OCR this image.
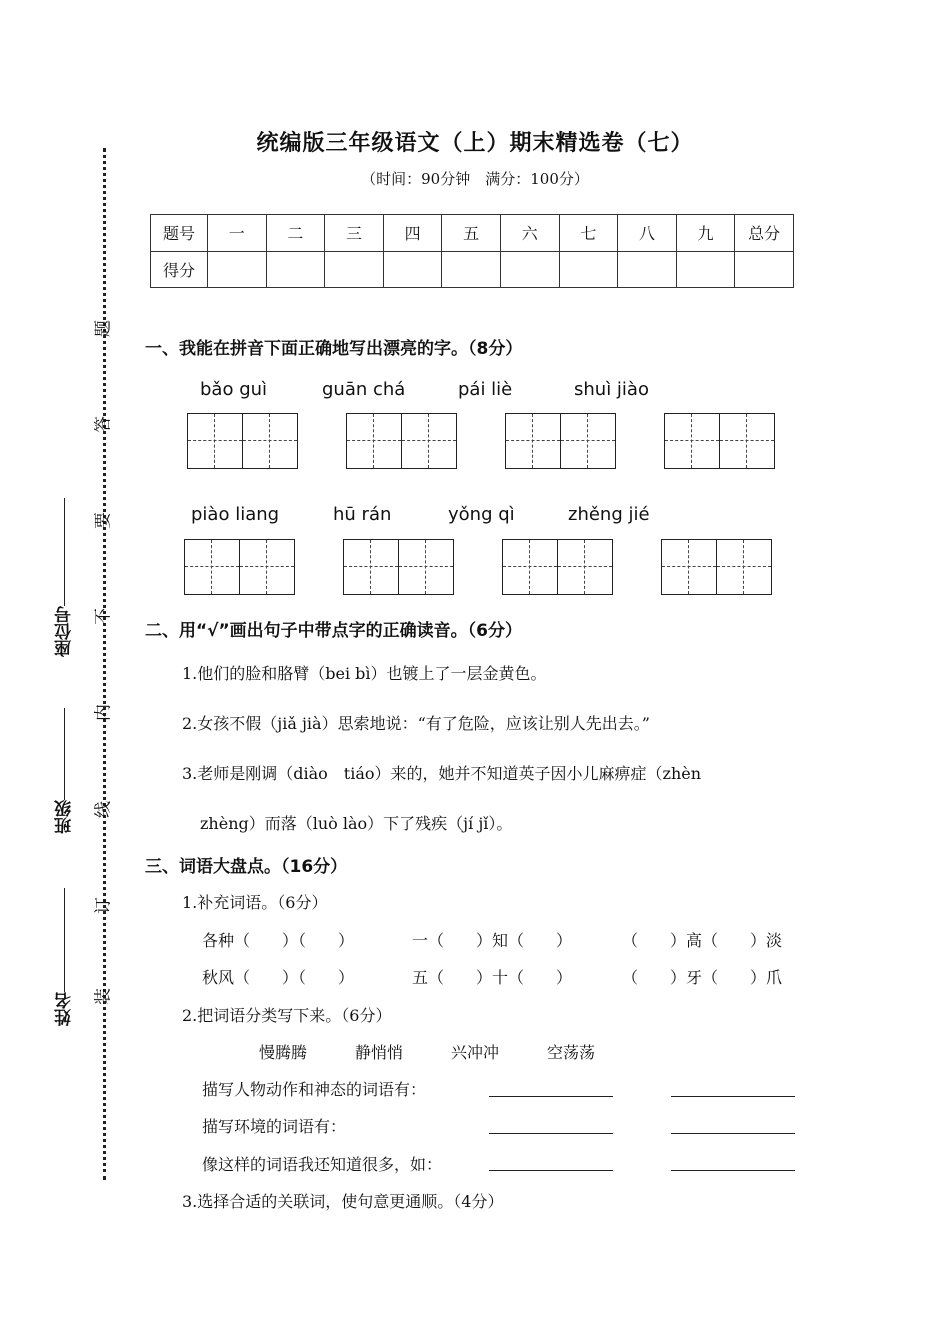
姓名
班级
座位号
装
订
线
内
不
要
答
题
统编版三年级语文（上）期末精选卷（七）
（时间：90分钟　满分：100分）
题号	一	二	三	四	五	六	七	八	九	总分
得分										
一、我能在拼音下面正确地写出漂亮的字。（8分）
bǎo guì	guān chá	pái liè	shuì jiào
piào liang	hū rán	yǒng qì	zhěng jié
二、用“√”画出句子中带点字的正确读音。（6分）
1.他们的脸和胳臂（bei bì）也镀上了一层金黄色。
2.女孩不假（jiǎ jià）思索地说：“有了危险，应该让别人先出去。”
3.老师是刚调（diào　tiáo）来的，她并不知道英子因小儿麻痹症（zhèn
zhèng）而落（luò lào）下了残疾（jí jǐ）。
三、词语大盘点。（16分）
1.补充词语。（6分）
各种（　　）（　　）	一（　　）知（　　）	（　　）高（　　）淡
秋风（　　）（　　）	五（　　）十（　　）	（　　）牙（　　）爪
2.把词语分类写下来。（6分）
慢腾腾	静悄悄	兴冲冲	空荡荡
描写人物动作和神态的词语有：
描写环境的词语有：
像这样的词语我还知道很多，如：
3.选择合适的关联词，使句意更通顺。（4分）
